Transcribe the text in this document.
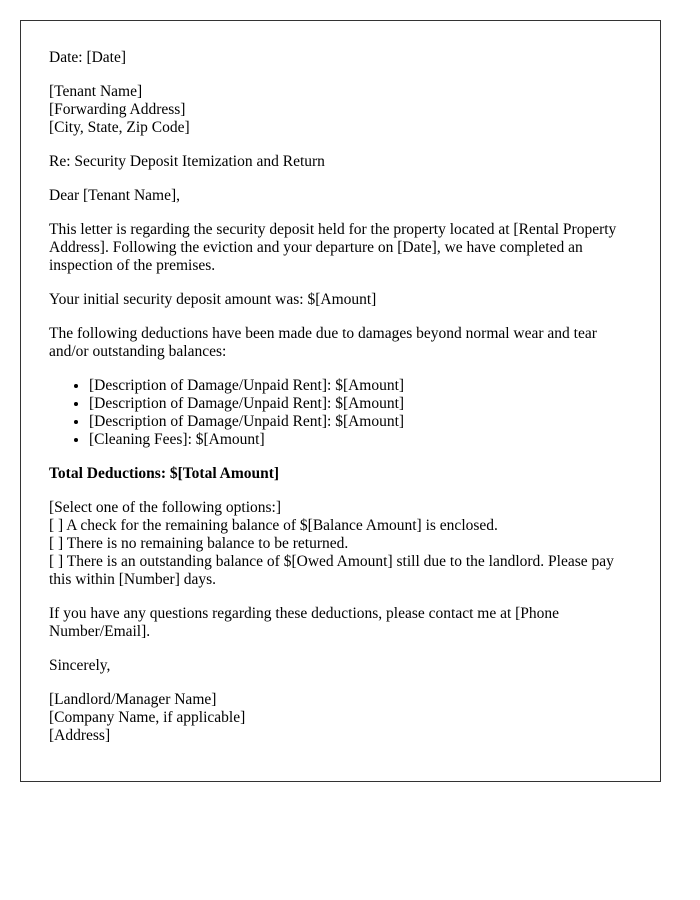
Date: [Date]

[Tenant Name]
[Forwarding Address]
[City, State, Zip Code]

Re: Security Deposit Itemization and Return

Dear [Tenant Name],

This letter is regarding the security deposit held for the property located at [Rental Property Address]. Following the eviction and your departure on [Date], we have completed an inspection of the premises.

Your initial security deposit amount was: $[Amount]

The following deductions have been made due to damages beyond normal wear and tear and/or outstanding balances:

• [Description of Damage/Unpaid Rent]: $[Amount]
• [Description of Damage/Unpaid Rent]: $[Amount]
• [Description of Damage/Unpaid Rent]: $[Amount]
• [Cleaning Fees]: $[Amount]

Total Deductions: $[Total Amount]

[Select one of the following options:]
[ ] A check for the remaining balance of $[Balance Amount] is enclosed.
[ ] There is no remaining balance to be returned.
[ ] There is an outstanding balance of $[Owed Amount] still due to the landlord. Please pay this within [Number] days.

If you have any questions regarding these deductions, please contact me at [Phone Number/Email].

Sincerely,

[Landlord/Manager Name]
[Company Name, if applicable]
[Address]
